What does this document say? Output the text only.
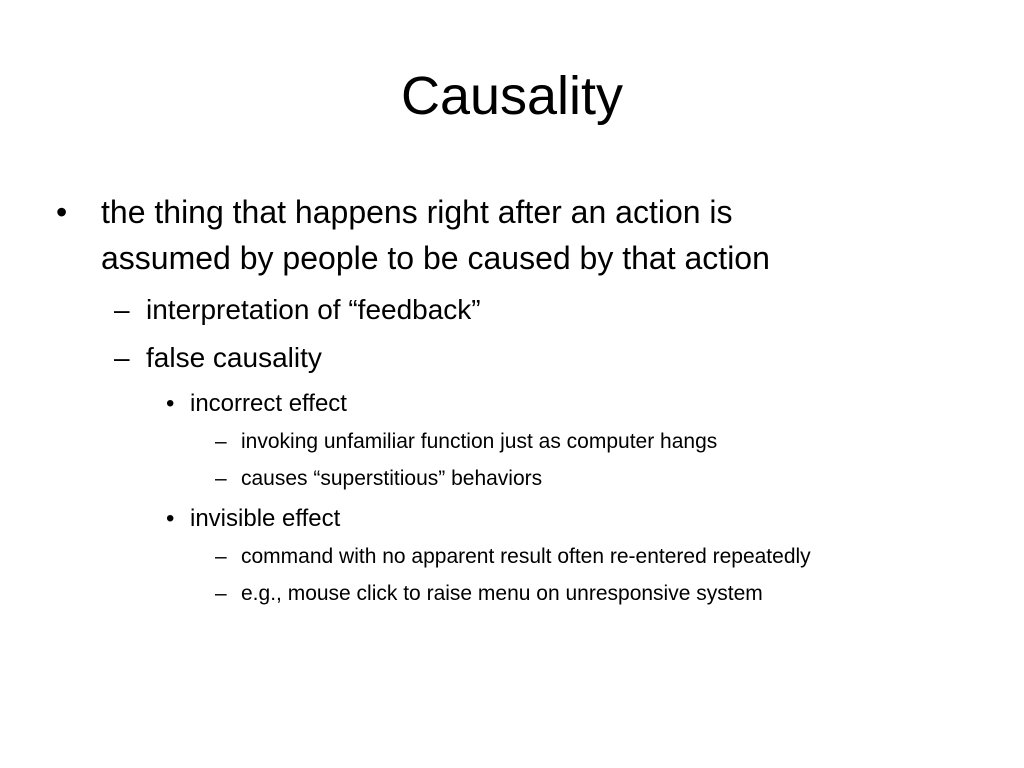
Causality
• the thing that happens right after an action is
assumed by people to be caused by that action
– interpretation of “feedback”
– false causality
• incorrect effect
– invoking unfamiliar function just as computer hangs
– causes “superstitious” behaviors
• invisible effect
– command with no apparent result often re-entered repeatedly
– e.g., mouse click to raise menu on unresponsive system
